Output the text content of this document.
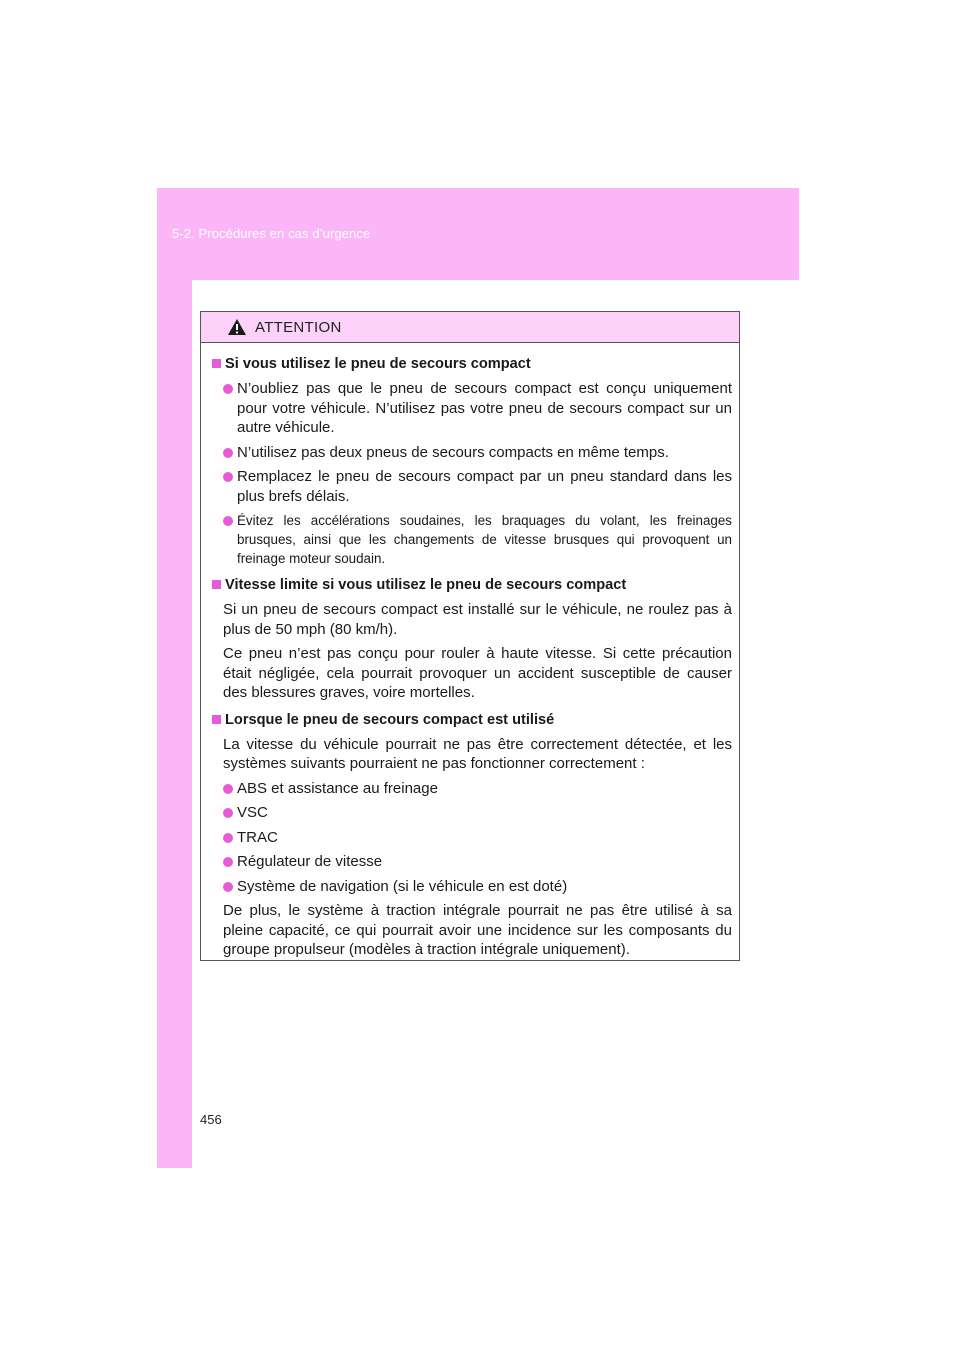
5-2. Procédures en cas d’urgence
ATTENTION
Si vous utilisez le pneu de secours compact
N’oubliez pas que le pneu de secours compact est conçu uniquement pour votre véhicule. N’utilisez pas votre pneu de secours compact sur un autre véhicule.
N’utilisez pas deux pneus de secours compacts en même temps.
Remplacez le pneu de secours compact par un pneu standard dans les plus brefs délais.
Évitez les accélérations soudaines, les braquages du volant, les freinages brusques, ainsi que les changements de vitesse brusques qui provoquent un freinage moteur soudain.
Vitesse limite si vous utilisez le pneu de secours compact
Si un pneu de secours compact est installé sur le véhicule, ne roulez pas à plus de 50 mph (80 km/h).
Ce pneu n’est pas conçu pour rouler à haute vitesse. Si cette précaution était négligée, cela pourrait provoquer un accident susceptible de causer des blessures graves, voire mortelles.
Lorsque le pneu de secours compact est utilisé
La vitesse du véhicule pourrait ne pas être correctement détectée, et les systèmes suivants pourraient ne pas fonctionner correctement :
ABS et assistance au freinage
VSC
TRAC
Régulateur de vitesse
Système de navigation (si le véhicule en est doté)
De plus, le système à traction intégrale pourrait ne pas être utilisé à sa pleine capacité, ce qui pourrait avoir une incidence sur les composants du groupe propulseur (modèles à traction intégrale uniquement).
456
